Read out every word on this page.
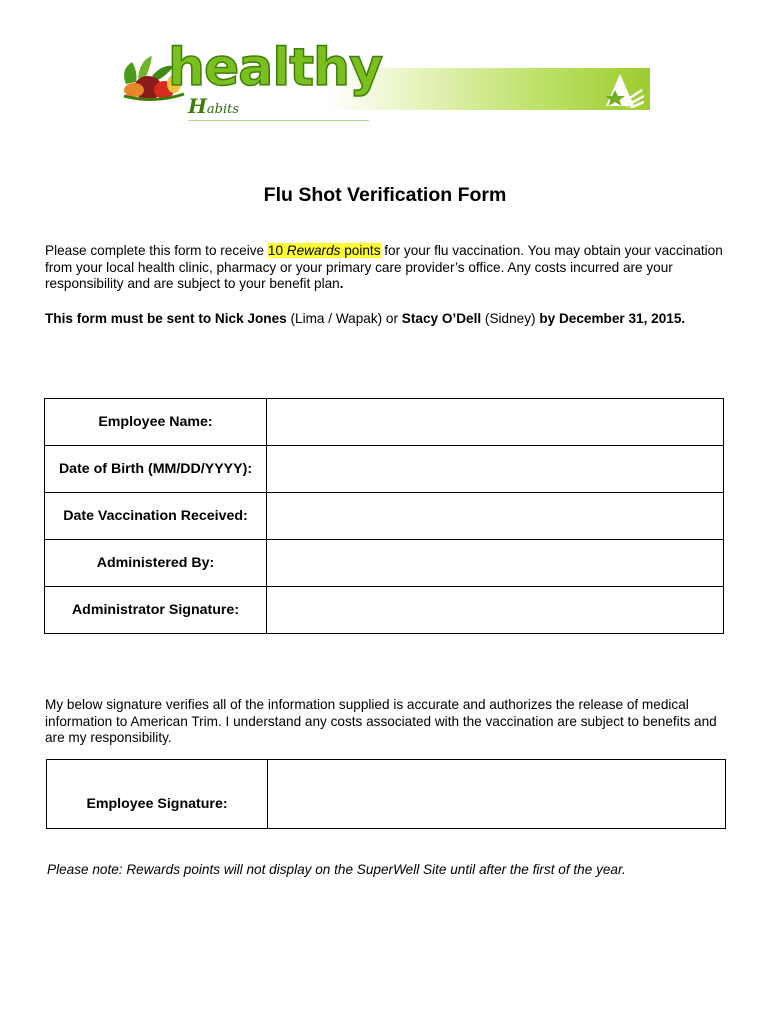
healthy
Habits
Flu Shot Verification Form
Please complete this form to receive 10 Rewards points for your flu vaccination. You may obtain your vaccination from your local health clinic, pharmacy or your primary care provider’s office. Any costs incurred are your responsibility and are subject to your benefit plan.
This form must be sent to Nick Jones (Lima / Wapak) or Stacy O’Dell (Sidney) by December 31, 2015.
Employee Name:	
Date of Birth (MM/DD/YYYY):	
Date Vaccination Received:	
Administered By:	
Administrator Signature:	
My below signature verifies all of the information supplied is accurate and authorizes the release of medical information to American Trim. I understand any costs associated with the vaccination are subject to benefits and are my responsibility.
Employee Signature:	
Please note: Rewards points will not display on the SuperWell Site until after the first of the year.
